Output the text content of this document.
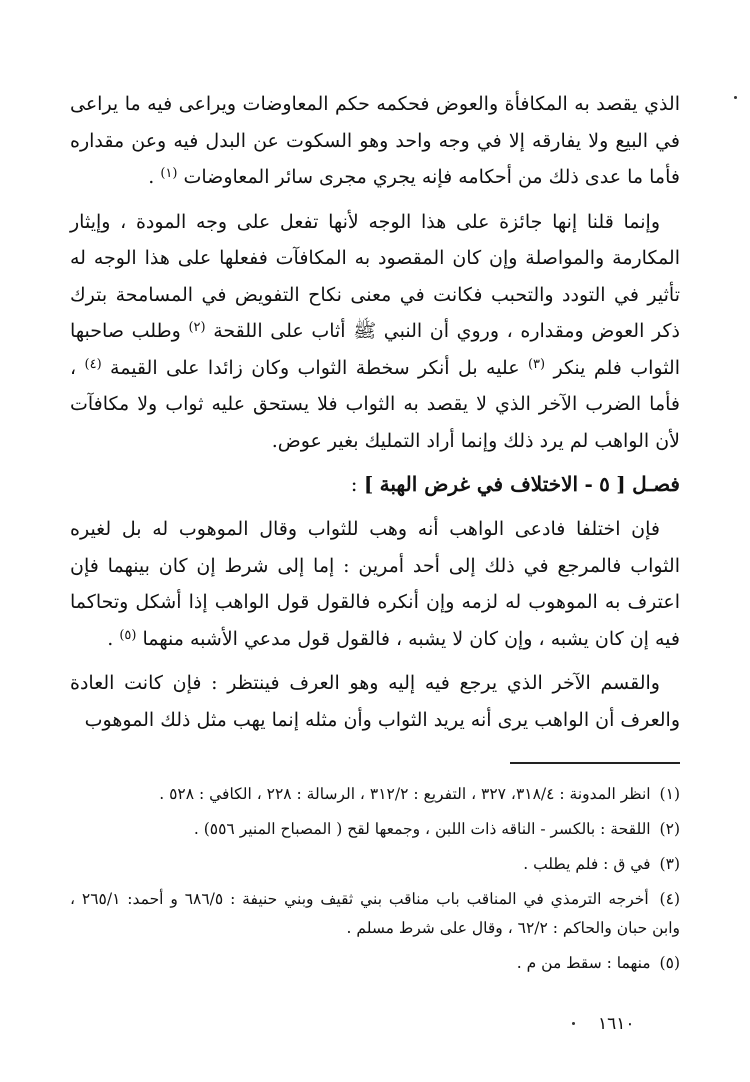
الذي يقصد به المكافأة والعوض فحكمه حكم المعاوضات ويراعى فيه ما يراعى في البيع ولا يفارقه إلا في وجه واحد وهو السكوت عن البدل فيه وعن مقداره فأما ما عدى ذلك من أحكامه فإنه يجري مجرى سائر المعاوضات $^{(١)}$ .

وإنما قلنا إنها جائزة على هذا الوجه لأنها تفعل على وجه المودة ، وإيثار المكارمة والمواصلة وإن كان المقصود به المكافآت ففعلها على هذا الوجه له تأثير في التودد والتحبب فكانت في معنى نكاح التفويض في المسامحة بترك ذكر العوض ومقداره ، وروي أن النبي ﷺ أثاب على اللقحة $^{(٢)}$ وطلب صاحبها الثواب فلم ينكر $^{(٣)}$ عليه بل أنكر سخطة الثواب وكان زائدا على القيمة $^{(٤)}$ ، فأما الضرب الآخر الذي لا يقصد به الثواب فلا يستحق عليه ثواب ولا مكافآت لأن الواهب لم يرد ذلك وإنما أراد التمليك بغير عوض.

فصـل [ ٥ - الاختلاف في غرض الهبة ] :

فإن اختلفا فادعى الواهب أنه وهب للثواب وقال الموهوب له بل لغيره الثواب فالمرجع في ذلك إلى أحد أمرين : إما إلى شرط إن كان بينهما فإن اعترف به الموهوب له لزمه وإن أنكره فالقول قول الواهب إذا أشكل وتحاكما فيه إن كان يشبه ، وإن كان لا يشبه ، فالقول قول مدعي الأشبه منهما $^{(٥)}$ .

والقسم الآخر الذي يرجع فيه إليه وهو العرف فينتظر : فإن كانت العادة والعرف أن الواهب يرى أنه يريد الثواب وأن مثله إنما يهب مثل ذلك الموهوب

(١) انظر المدونة : ٣١٨/٤، ٣٢٧ ، التفريع : ٣١٢/٢ ، الرسالة : ٢٢٨ ، الكافي : ٥٢٨ .

(٢) اللقحة : بالكسر - الناقه ذات اللبن ، وجمعها لقح ( المصباح المنير ٥٥٦) .

(٣) في ق : فلم يطلب .

(٤) أخرجه الترمذي في المناقب باب مناقب بني ثقيف وبني حنيفة : ٦٨٦/٥ و أحمد: ٢٦٥/١ ، وابن حبان والحاكم : ٦٢/٢ ، وقال على شرط مسلم .

(٥) منهما : سقط من م .

١٦١٠
